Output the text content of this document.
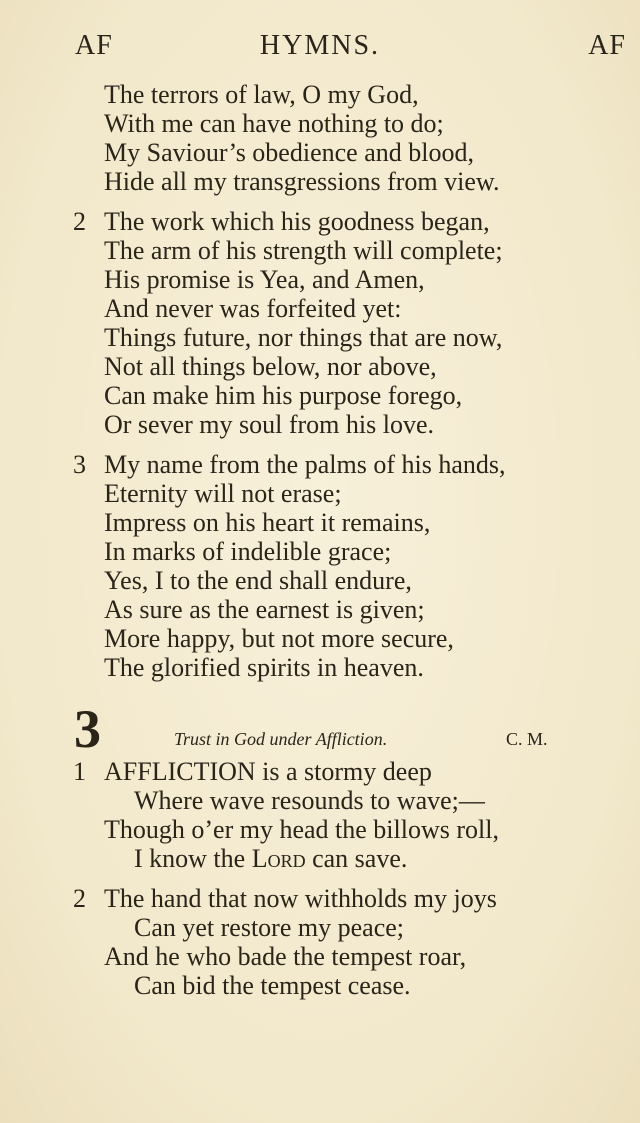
AF	HYMNS.	AF
The terrors of law, O my God,
With me can have nothing to do;
My Saviour’s obedience and blood,
Hide all my transgressions from view.
2 The work which his goodness began,
The arm of his strength will complete;
His promise is Yea, and Amen,
And never was forfeited yet:
Things future, nor things that are now,
Not all things below, nor above,
Can make him his purpose forego,
Or sever my soul from his love.
3 My name from the palms of his hands,
Eternity will not erase;
Impress on his heart it remains,
In marks of indelible grace;
Yes, I to the end shall endure,
As sure as the earnest is given;
More happy, but not more secure,
The glorified spirits in heaven.
3	Trust in God under Affliction.	C. M.
1 AFFLICTION is a stormy deep
Where wave resounds to wave;—
Though o’er my head the billows roll,
I know the Lord can save.
2 The hand that now withholds my joys
Can yet restore my peace;
And he who bade the tempest roar,
Can bid the tempest cease.
